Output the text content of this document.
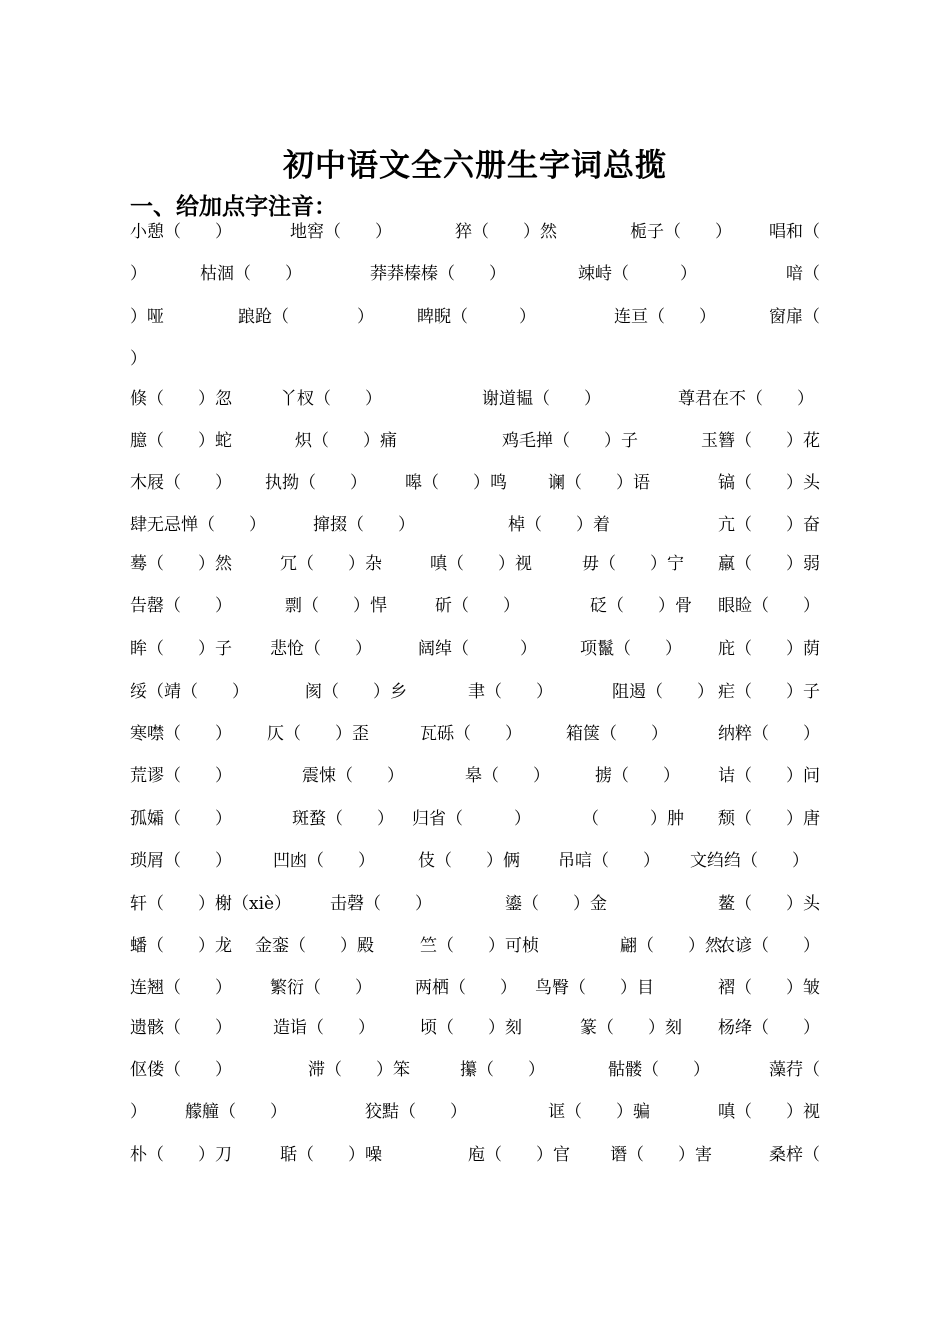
初中语文全六册生字词总揽
一、给加点字注音：
小憩（　　）	地窖（　　）	猝（　　）然	栀子（　　） 唱和（
）	枯涸（　　）	莽莽榛榛（　　）	竦峙（　　　）	喑（
）哑	踉跄（　　　　）	睥睨（　　　）	连亘（　　）	窗扉（
）
倏（　　）忽	丫杈（　　）	谢道韫（　　）	尊君在不（　　）
臆（　　）蛇	炽（　　）痛	鸡毛掸（　　）子	玉簪（　　）花
木屐（　　） 执拗（　　） 嗥（　　）鸣 谰（　　）语	镐（　　）头
肆无忌惮（　　）	撺掇（　　）	棹（　　）着	亢（　　）奋
蓦（　　）然	冗（　　）杂	嗔（　　）视	毋（　　）宁 羸（　　）弱
告罄（　　）	剽（　　）悍	斫（　　）	砭（　　）骨 眼睑（　　）
眸（　　）子 悲怆（　　）	阔绰（　　　）	项鬣（　　） 庇（　　）荫
绥（靖（　　）	阂（　　）乡	聿（　　）	阻遏（　　） 疟（　　）子
寒噤（　　） 仄（　　）歪	瓦砾（　　）	箱箧（　　）	纳粹（　　）
荒谬（　　）	震悚（　　）	皋（　　）	掳（　　） 诘（　　）问
孤孀（　　）	斑蝥（　　） 归省（　　　）	（　　　）肿 颓（　　）唐
琐屑（　　） 凹凼（　　）	伎（　　）俩 吊唁（　　） 文绉绉（　　）
轩（　　）榭（xiè） 击磬（　　）	鎏（　　）金	鳌（　　）头
蟠（　　）龙 金銮（　　）殿	竺（　　）可桢	翩（　　）然
农谚（　　）
连翘（　　） 繁衍（　　）	两栖（　　） 鸟臀（　　）目	褶（　　）皱
遗骸（　　） 造诣（　　）	顷（　　）刻	篆（　　）刻 杨绛（　　）
伛偻（　　）	滞（　　）笨	攥（　　）	骷髅（　　）	藻荇（
） 艨艟（　　）	狡黠（　　）	诓（　　）骗	嗔（　　）视
朴（　　）刀	聒（　　）噪	庖（　　）官 谮（　　）害	桑梓（
